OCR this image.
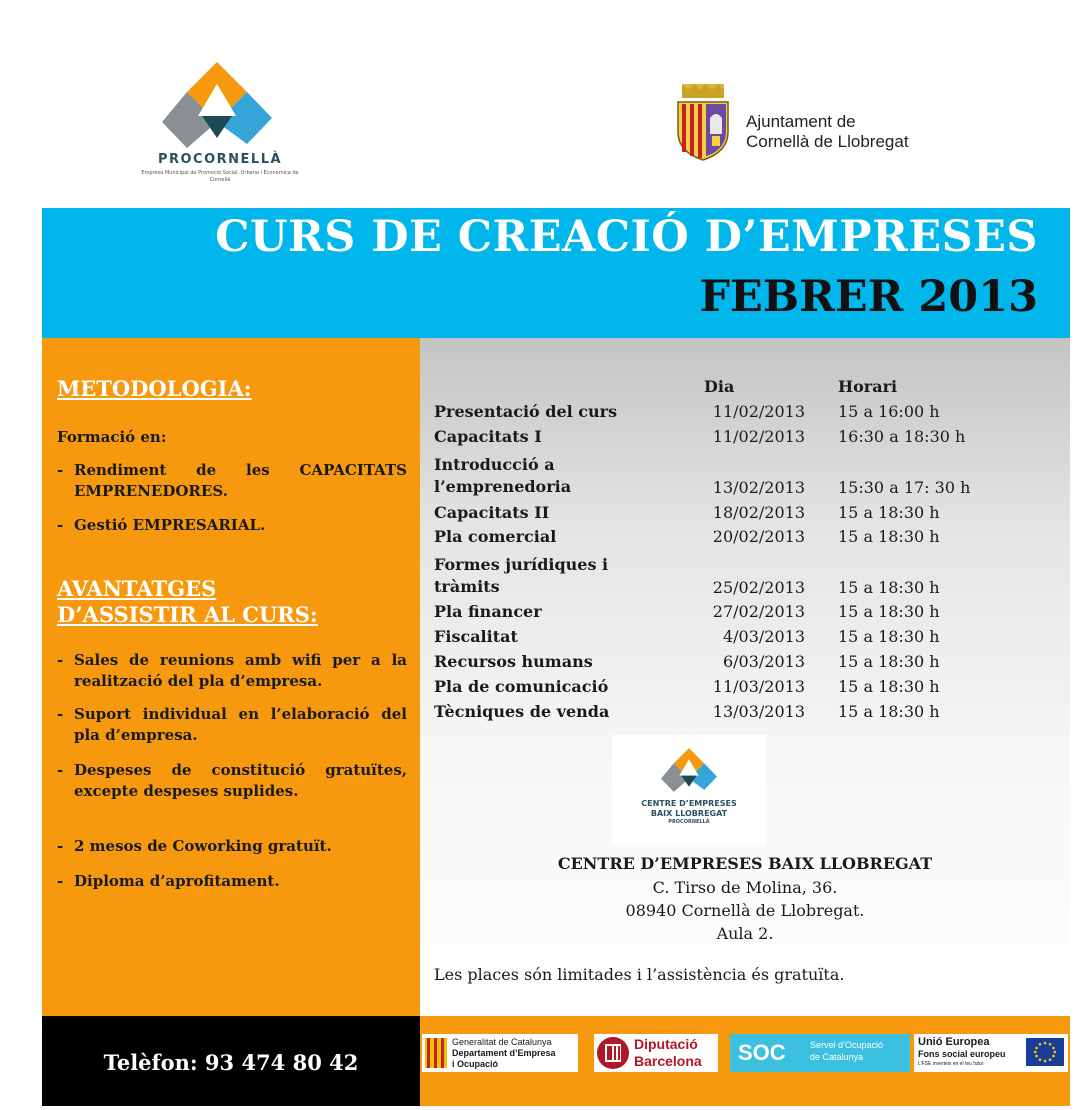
PROCORNELLÀ
Empresa Municipal de Promoció Social, Urbana i Econòmica de Cornellà
Ajuntament de
Cornellà de Llobregat
CURS DE CREACIÓ D’EMPRESES
FEBRER 2013
METODOLOGIA:
Formació en:
- Rendiment de les CAPACITATS EMPRENEDORES.
- Gestió EMPRESARIAL.
AVANTATGES
D’ASSISTIR AL CURS:
- Sales de reunions amb wifi per a la realització del pla d’empresa.
- Suport individual en l’elaboració del pla d’empresa.
- Despeses de constitució gratuïtes, excepte despeses suplides.
- 2 mesos de Coworking gratuït.
- Diploma d’aprofitament.
Dia	Horari
Presentació del curs	11/02/2013 15 a 16:00 h
Capacitats I	11/02/2013 16:30 a 18:30 h
Introducció a l’emprenedoria	13/02/2013 15:30 a 17: 30 h
Capacitats II	18/02/2013 15 a 18:30 h
Pla comercial	20/02/2013 15 a 18:30 h
Formes jurídiques i tràmits	25/02/2013 15 a 18:30 h
Pla financer	27/02/2013 15 a 18:30 h
Fiscalitat	4/03/2013 15 a 18:30 h
Recursos humans	6/03/2013 15 a 18:30 h
Pla de comunicació	11/03/2013 15 a 18:30 h
Tècniques de venda	13/03/2013 15 a 18:30 h
CENTRE D’EMPRESES
BAIX LLOBREGAT
PROCORNELLÀ
CENTRE D’EMPRESES BAIX LLOBREGAT
C. Tirso de Molina, 36.
08940 Cornellà de Llobregat.
Aula 2.
Les places són limitades i l’assistència és gratuïta.
Telèfon: 93 474 80 42
Generalitat de Catalunya
Departament d’Empresa
i Ocupació
Diputació
Barcelona SOC	Servei d’Ocupació
de Catalunya
Unió Europea
Fons social europeu
L’FSE inverteix en el teu futur
